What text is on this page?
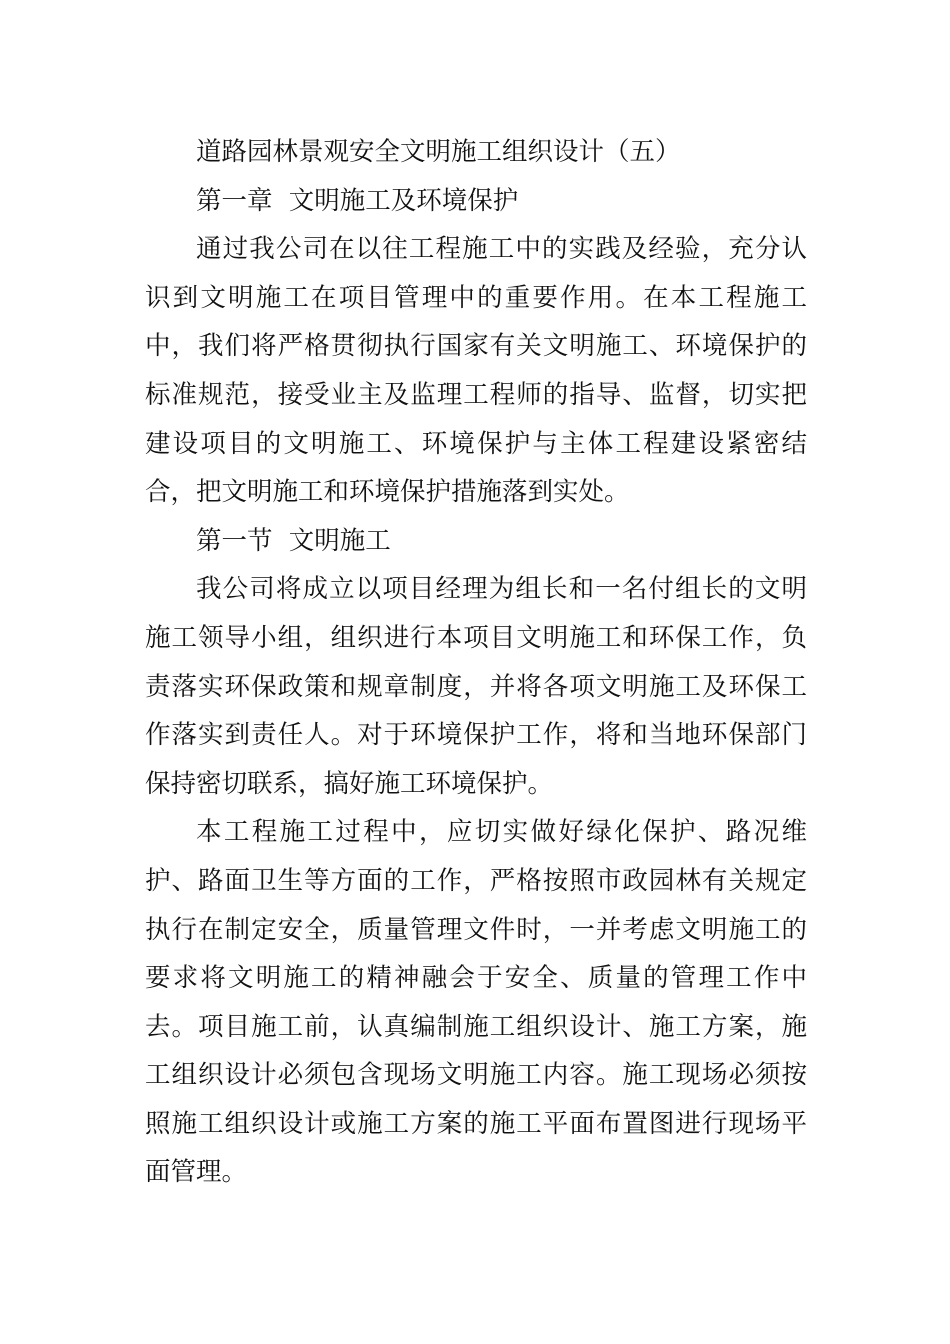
道路园林景观安全文明施工组织设计（五）

第一章  文明施工及环境保护

通过我公司在以往工程施工中的实践及经验，充分认识到文明施工在项目管理中的重要作用。在本工程施工中，我们将严格贯彻执行国家有关文明施工、环境保护的标准规范，接受业主及监理工程师的指导、监督，切实把建设项目的文明施工、环境保护与主体工程建设紧密结合，把文明施工和环境保护措施落到实处。

第一节  文明施工

我公司将成立以项目经理为组长和一名付组长的文明施工领导小组，组织进行本项目文明施工和环保工作，负责落实环保政策和规章制度，并将各项文明施工及环保工作落实到责任人。对于环境保护工作，将和当地环保部门保持密切联系，搞好施工环境保护。

本工程施工过程中，应切实做好绿化保护、路况维护、路面卫生等方面的工作，严格按照市政园林有关规定执行在制定安全，质量管理文件时，一并考虑文明施工的要求将文明施工的精神融会于安全、质量的管理工作中去。项目施工前，认真编制施工组织设计、施工方案，施工组织设计必须包含现场文明施工内容。施工现场必须按照施工组织设计或施工方案的施工平面布置图进行现场平面管理。
